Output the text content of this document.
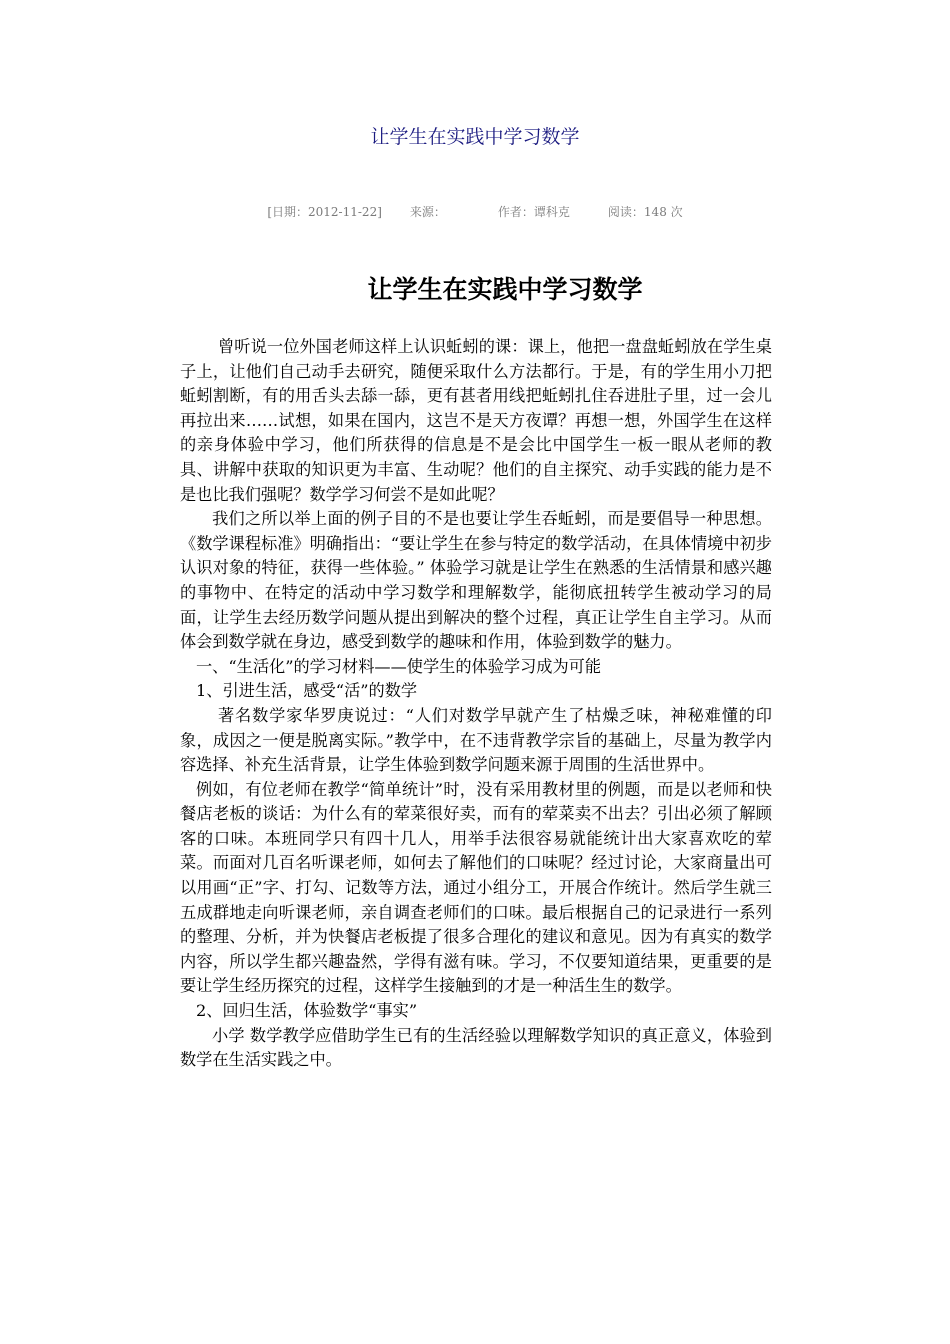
让学生在实践中学习数学
[日期：2012-11-22] 来源：	作者：谭科克	阅读：148 次
让学生在实践中学习数学

曾听说一位外国老师这样上认识蚯蚓的课：课上，他把一盘盘蚯蚓放在学生桌子上，让他们自己动手去研究，随便采取什么方法都行。于是，有的学生用小刀把蚯蚓割断，有的用舌头去舔一舔，更有甚者用线把蚯蚓扎住吞进肚子里，过一会儿再拉出来……试想，如果在国内，这岂不是天方夜谭？再想一想，外国学生在这样的亲身体验中学习，他们所获得的信息是不是会比中国学生一板一眼从老师的教具、讲解中获取的知识更为丰富、生动呢？他们的自主探究、动手实践的能力是不是也比我们强呢？数学学习何尝不是如此呢？

我们之所以举上面的例子目的不是也要让学生吞蚯蚓，而是要倡导一种思想。《数学课程标准》明确指出：“要让学生在参与特定的数学活动，在具体情境中初步认识对象的特征，获得一些体验。” 体验学习就是让学生在熟悉的生活情景和感兴趣的事物中、在特定的活动中学习数学和理解数学，能彻底扭转学生被动学习的局面，让学生去经历数学问题从提出到解决的整个过程，真正让学生自主学习。从而体会到数学就在身边，感受到数学的趣味和作用，体验到数学的魅力。

一、“生活化”的学习材料——使学生的体验学习成为可能

1、引进生活，感受“活”的数学

著名数学家华罗庚说过：“人们对数学早就产生了枯燥乏味，神秘难懂的印象，成因之一便是脱离实际。”教学中，在不违背教学宗旨的基础上，尽量为教学内容选择、补充生活背景，让学生体验到数学问题来源于周围的生活世界中。

例如，有位老师在教学“简单统计”时，没有采用教材里的例题，而是以老师和快餐店老板的谈话：为什么有的荤菜很好卖，而有的荤菜卖不出去？引出必须了解顾客的口味。本班同学只有四十几人，用举手法很容易就能统计出大家喜欢吃的荤菜。而面对几百名听课老师，如何去了解他们的口味呢？经过讨论，大家商量出可以用画“正”字、打勾、记数等方法，通过小组分工，开展合作统计。然后学生就三五成群地走向听课老师，亲自调查老师们的口味。最后根据自己的记录进行一系列的整理、分析，并为快餐店老板提了很多合理化的建议和意见。因为有真实的数学内容，所以学生都兴趣盎然，学得有滋有味。学习，不仅要知道结果，更重要的是要让学生经历探究的过程，这样学生接触到的才是一种活生生的数学。

2、回归生活，体验数学“事实”

小学 数学教学应借助学生已有的生活经验以理解数学知识的真正意义，体验到数学在生活实践之中。
